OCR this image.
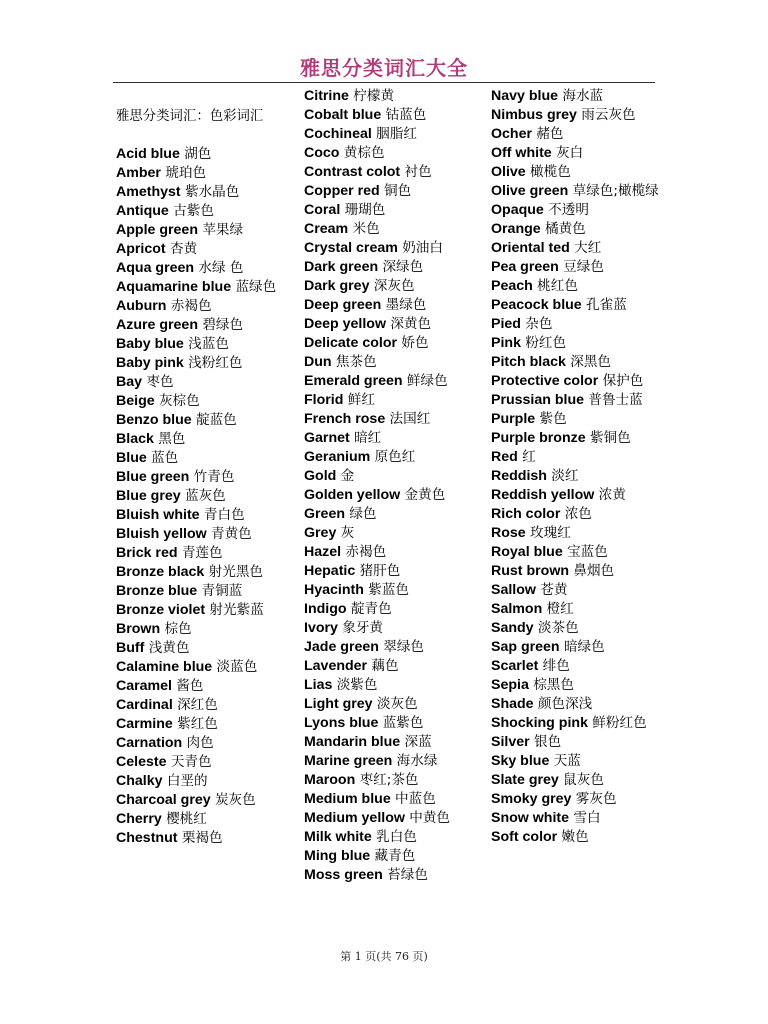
雅思分类词汇大全
雅思分类词汇：色彩词汇
Acid blue 湖色
Amber 琥珀色
Amethyst 紫水晶色
Antique 古紫色
Apple green 苹果绿
Apricot 杏黄
Aqua green 水绿 色
Aquamarine blue 蓝绿色
Auburn 赤褐色
Azure green 碧绿色
Baby blue 浅蓝色
Baby pink 浅粉红色
Bay 枣色
Beige 灰棕色
Benzo blue 靛蓝色
Black 黑色
Blue 蓝色
Blue green 竹青色
Blue grey 蓝灰色
Bluish white 青白色
Bluish yellow 青黄色
Brick red 青莲色
Bronze black 射光黑色
Bronze blue 青铜蓝
Bronze violet 射光紫蓝
Brown 棕色
Buff 浅黄色
Calamine blue 淡蓝色
Caramel 酱色
Cardinal 深红色
Carmine 紫红色
Carnation 肉色
Celeste 天青色
Chalky 白垩的
Charcoal grey 炭灰色
Cherry 樱桃红
Chestnut 栗褐色
Citrine 柠檬黄
Cobalt blue 钴蓝色
Cochineal 胭脂红
Coco 黄棕色
Contrast colot 衬色
Copper red 铜色
Coral 珊瑚色
Cream 米色
Crystal cream 奶油白
Dark green 深绿色
Dark grey 深灰色
Deep green 墨绿色
Deep yellow 深黄色
Delicate color 娇色
Dun 焦茶色
Emerald green 鲜绿色
Florid 鲜红
French rose 法国红
Garnet 暗红
Geranium 原色红
Gold 金
Golden yellow 金黄色
Green 绿色
Grey 灰
Hazel 赤褐色
Hepatic 猪肝色
Hyacinth 紫蓝色
Indigo 靛青色
Ivory 象牙黄
Jade green 翠绿色
Lavender 藕色
Lias 淡紫色
Light grey 淡灰色
Lyons blue 蓝紫色
Mandarin blue 深蓝
Marine green 海水绿
Maroon 枣红;茶色
Medium blue 中蓝色
Medium yellow 中黄色
Milk white 乳白色
Ming blue 藏青色
Moss green 苔绿色
Navy blue 海水蓝
Nimbus grey 雨云灰色
Ocher 赭色
Off white 灰白
Olive 橄榄色
Olive green 草绿色;橄榄绿
Opaque 不透明
Orange 橘黄色
Oriental ted 大红
Pea green 豆绿色
Peach 桃红色
Peacock blue 孔雀蓝
Pied 杂色
Pink 粉红色
Pitch black 深黑色
Protective color 保护色
Prussian blue 普鲁士蓝
Purple 紫色
Purple bronze 紫铜色
Red 红
Reddish 淡红
Reddish yellow 浓黄
Rich color 浓色
Rose 玫瑰红
Royal blue 宝蓝色
Rust brown 鼻烟色
Sallow 苍黄
Salmon 橙红
Sandy 淡茶色
Sap green 暗绿色
Scarlet 绯色
Sepia 棕黑色
Shade 颜色深浅
Shocking pink 鲜粉红色
Silver 银色
Sky blue 天蓝
Slate grey 鼠灰色
Smoky grey 雾灰色
Snow white 雪白
Soft color 嫩色
第 1 页(共 76 页)
